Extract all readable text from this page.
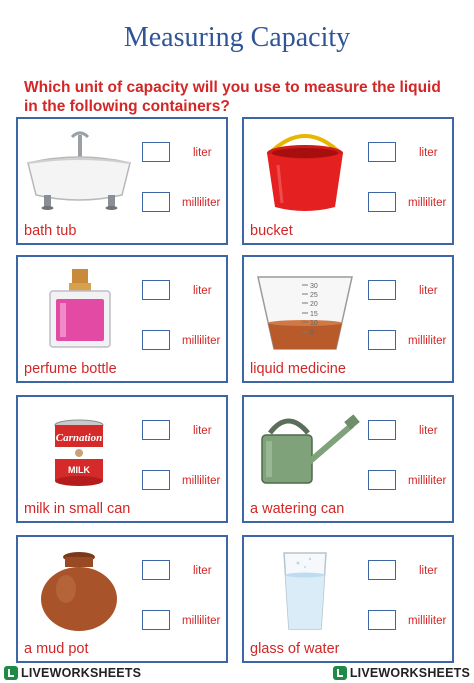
Measuring Capacity
Which unit of capacity will you use to measure the liquid in the following containers?
liter
milliliter
bath tub
liter
milliliter
bucket
liter
milliliter
perfume bottle
30
25
20
15
10
5
liter
milliliter
liquid medicine
Carnation
MILK
liter
milliliter
milk in small can
liter
milliliter
a watering can
liter
milliliter
a mud pot
liter
milliliter
glass of water
LIVEWORKSHEETS	LIVEWORKSHEETS
